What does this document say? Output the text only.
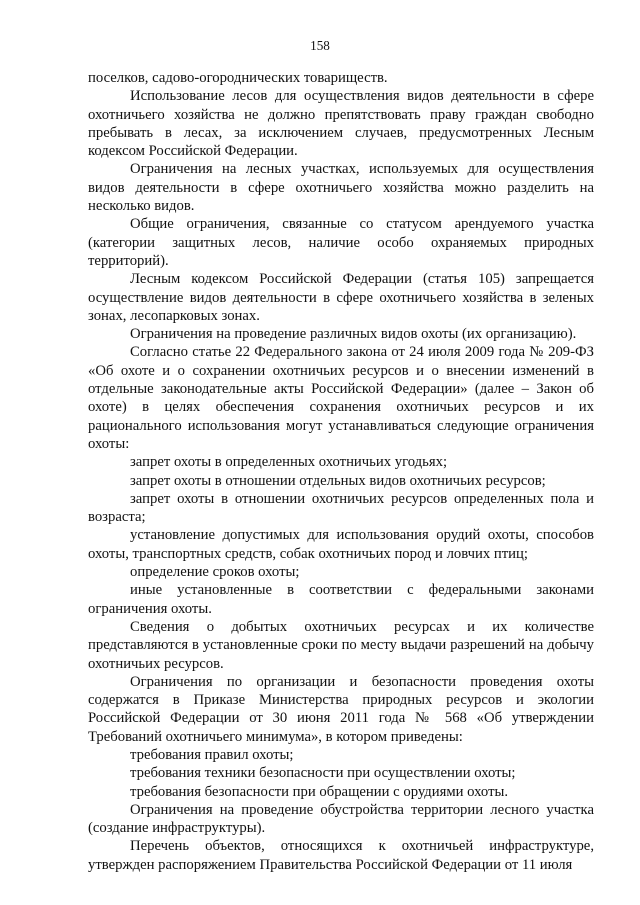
158

поселков, садово-огороднических товариществ.

Использование лесов для осуществления видов деятельности в сфере охотничьего хозяйства не должно препятствовать праву граждан свободно пребывать в лесах, за исключением случаев, предусмотренных Лесным кодексом Российской Федерации.

Ограничения на лесных участках, используемых для осуществления видов деятельности в сфере охотничьего хозяйства можно разделить на несколько видов.

Общие ограничения, связанные со статусом арендуемого участка (категории защитных лесов, наличие особо охраняемых природных территорий).

Лесным кодексом Российской Федерации (статья 105) запрещается осуществление видов деятельности в сфере охотничьего хозяйства в зеленых зонах, лесопарковых зонах.

Ограничения на проведение различных видов охоты (их организацию).

Согласно статье 22 Федерального закона от 24 июля 2009 года № 209-ФЗ «Об охоте и о сохранении охотничьих ресурсов и о внесении изменений в отдельные законодательные акты Российской Федерации» (далее – Закон об охоте) в целях обеспечения сохранения охотничьих ресурсов и их рационального использования могут устанавливаться следующие ограничения охоты:

запрет охоты в определенных охотничьих угодьях;

запрет охоты в отношении отдельных видов охотничьих ресурсов;

запрет охоты в отношении охотничьих ресурсов определенных пола и возраста;

установление допустимых для использования орудий охоты, способов охоты, транспортных средств, собак охотничьих пород и ловчих птиц;

определение сроков охоты;

иные установленные в соответствии с федеральными законами ограничения охоты.

Сведения о добытых охотничьих ресурсах и их количестве представляются в установленные сроки по месту выдачи разрешений на добычу охотничьих ресурсов.

Ограничения по организации и безопасности проведения охоты содержатся в Приказе Министерства природных ресурсов и экологии Российской Федерации от 30 июня 2011 года № 568 «Об утверждении Требований охотничьего минимума», в котором приведены:

требования правил охоты;

требования техники безопасности при осуществлении охоты;

требования безопасности при обращении с орудиями охоты.

Ограничения на проведение обустройства территории лесного участка (создание инфраструктуры).

Перечень объектов, относящихся к охотничьей инфраструктуре, утвержден распоряжением Правительства Российской Федерации от 11 июля
